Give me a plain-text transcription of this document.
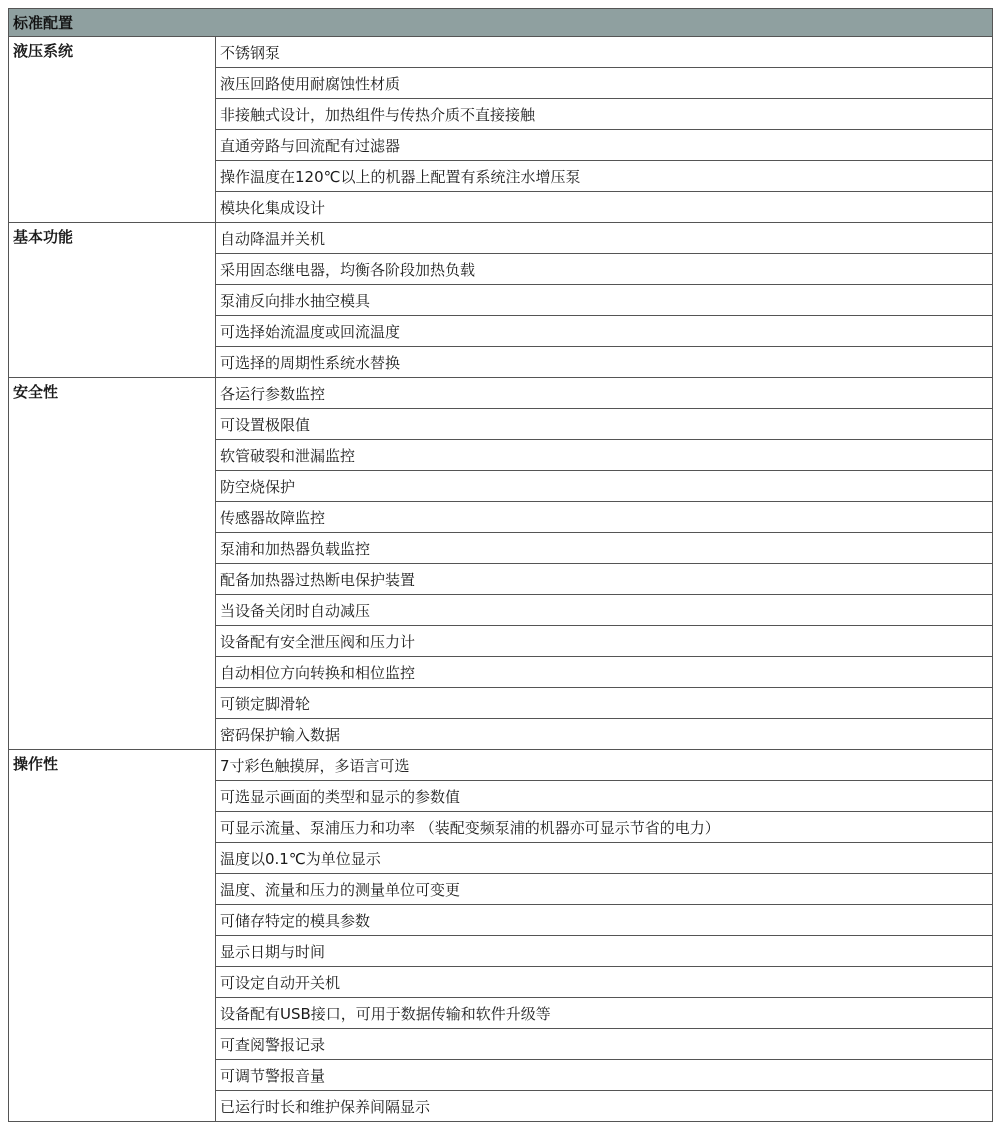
标准配置	
液压系统	不锈钢泵
	液压回路使用耐腐蚀性材质
	非接触式设计，加热组件与传热介质不直接接触
	直通旁路与回流配有过滤器
	操作温度在120℃以上的机器上配置有系统注水增压泵
	模块化集成设计
基本功能	自动降温并关机
	采用固态继电器，均衡各阶段加热负载
	泵浦反向排水抽空模具
	可选择始流温度或回流温度
	可选择的周期性系统水替换
安全性	各运行参数监控
	可设置极限值
	软管破裂和泄漏监控
	防空烧保护
	传感器故障监控
	泵浦和加热器负载监控
	配备加热器过热断电保护装置
	当设备关闭时自动减压
	设备配有安全泄压阀和压力计
	自动相位方向转换和相位监控
	可锁定脚滑轮
	密码保护输入数据
操作性	7寸彩色触摸屏，多语言可选
	可选显示画面的类型和显示的参数值
	可显示流量、泵浦压力和功率 （装配变频泵浦的机器亦可显示节省的电力）
	温度以0.1℃为单位显示
	温度、流量和压力的测量单位可变更
	可储存特定的模具参数
	显示日期与时间
	可设定自动开关机
	设备配有USB接口，可用于数据传输和软件升级等
	可查阅警报记录
	可调节警报音量
	已运行时长和维护保养间隔显示
